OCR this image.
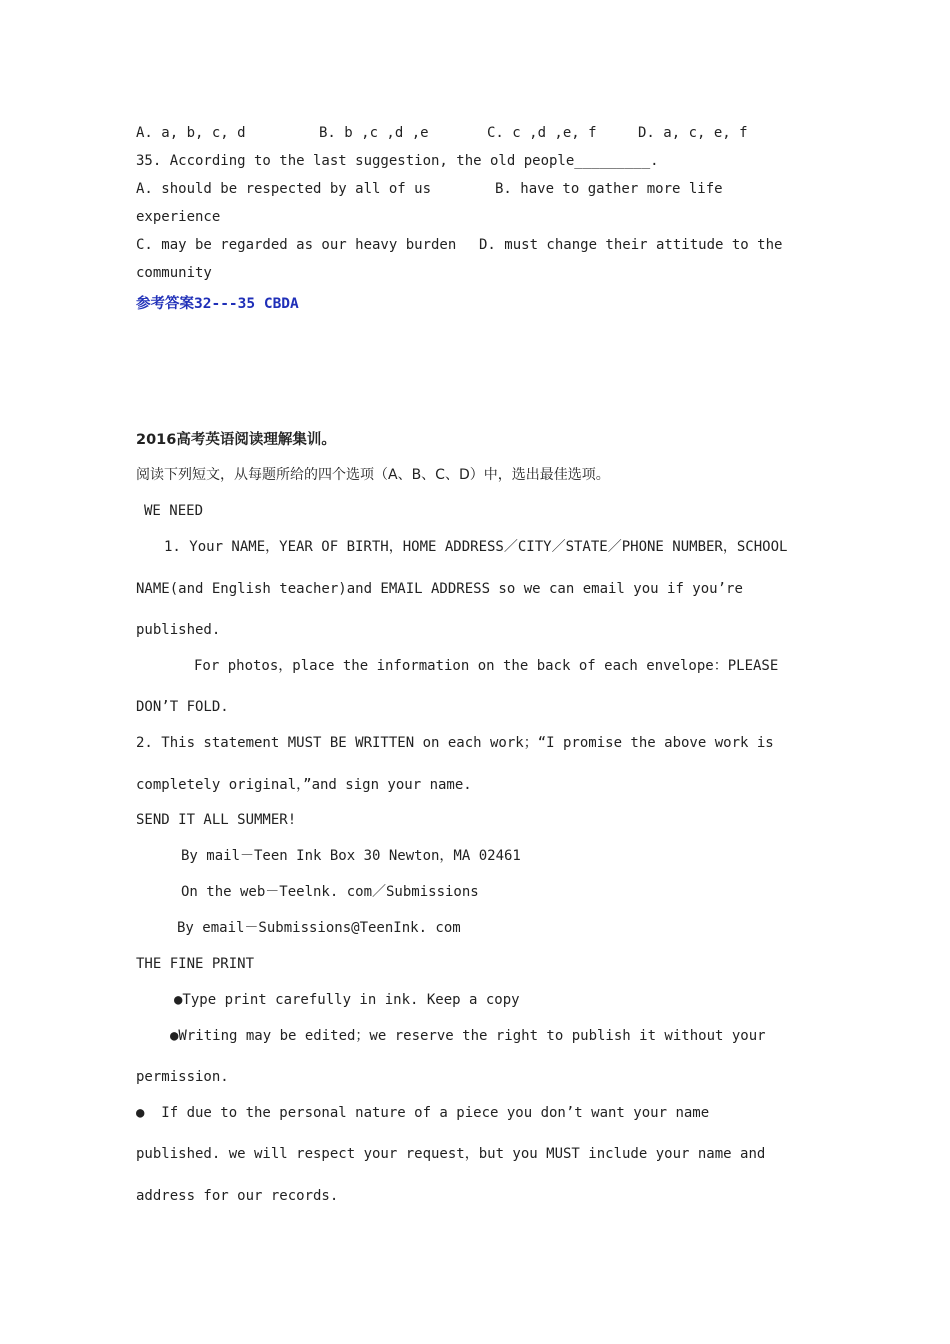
A. a, b, c, d	B. b ,c ,d ,e	C. c ,d ,e, f	D. a, c, e, f
35. According to the last suggestion, the old people_________.
A. should be respected by all of us	B. have to gather more life
experience
C. may be regarded as our heavy burden D. must change their attitude to the
community
参考答案32---35 CBDA
2016高考英语阅读理解集训。
阅读下列短文，从每题所给的四个选项（A、B、C、D）中，选出最佳选项。
WE NEED
1. Your NAME，YEAR OF BIRTH，HOME ADDRESS／CITY／STATE／PHONE NUMBER，SCHOOL
NAME(and English teacher)and EMAIL ADDRESS so we can email you if you’re
published.
For photos，place the information on the back of each envelope：PLEASE
DON’T FOLD.
2. This statement MUST BE WRITTEN on each work；“I promise the above work is
completely original，”and sign your name.
SEND IT ALL SUMMER!
By mail－Teen Ink Box 30 Newton，MA 02461
On the web－Teelnk. com／Submissions
By email－Submissions@TeenInk. com
THE FINE PRINT
●Type print carefully in ink. Keep a copy
●Writing may be edited；we reserve the right to publish it without your
permission.
●  If due to the personal nature of a piece you don’t want your name
published. we will respect your request，but you MUST include your name and
address for our records.
